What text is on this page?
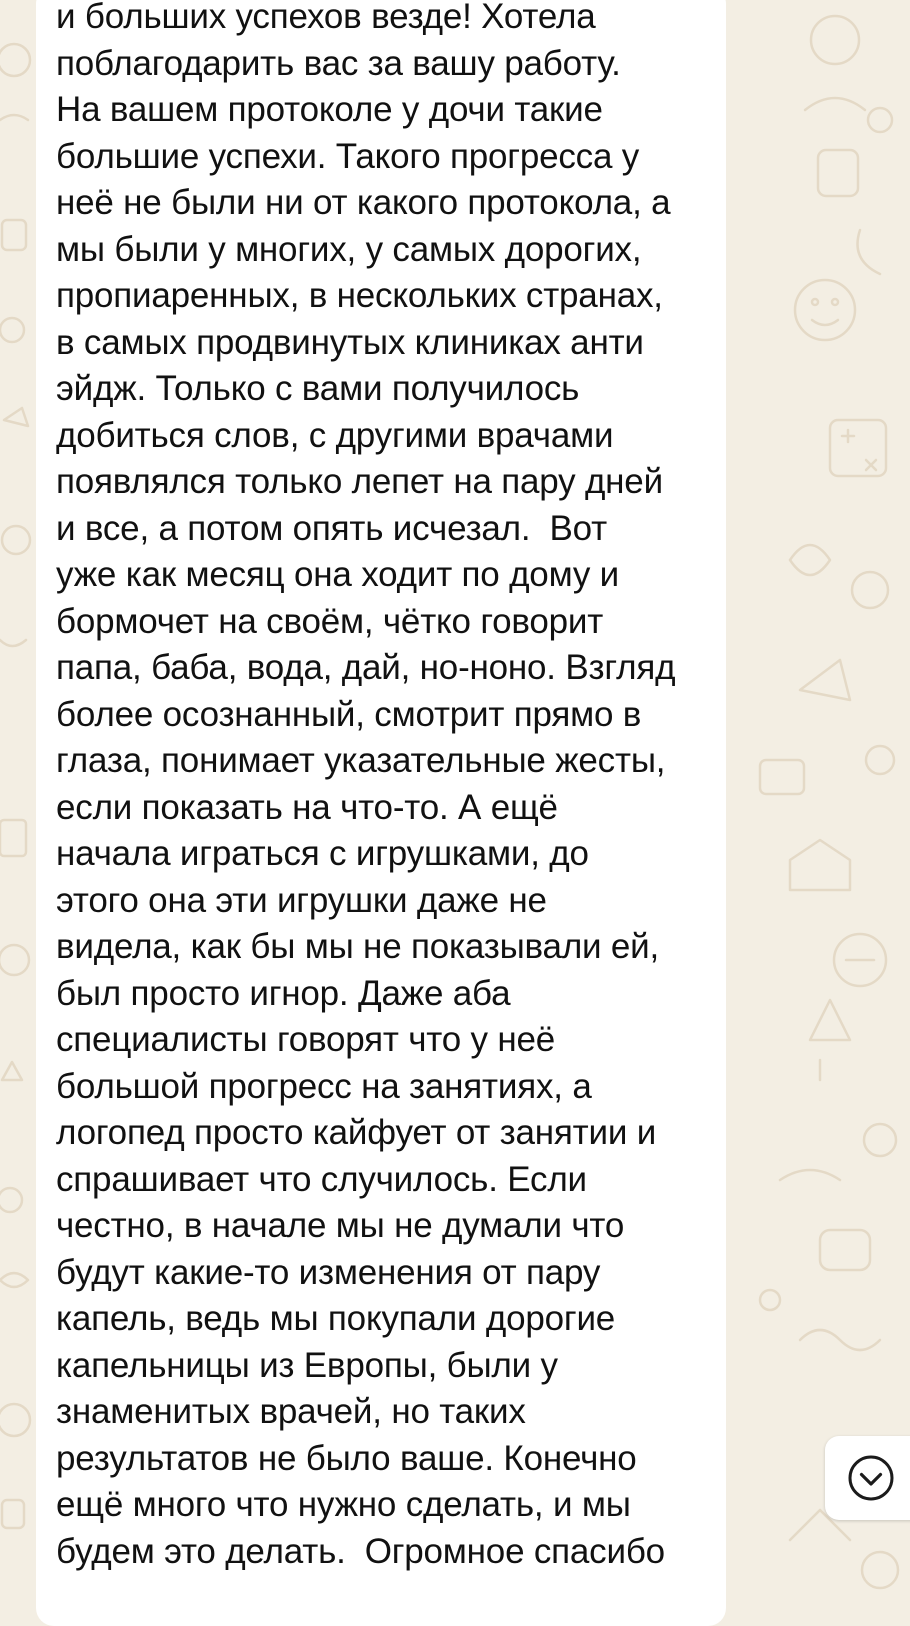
и больших успехов везде! Хотела
поблагодарить вас за вашу работу.
На вашем протоколе у дочи такие
большие успехи. Такого прогресса у
неё не были ни от какого протокола, а
мы были у многих, у самых дорогих,
пропиаренных, в нескольких странах,
в самых продвинутых клиниках анти
эйдж. Только с вами получилось
добиться слов, с другими врачами
появлялся только лепет на пару дней
и все, а потом опять исчезал.  Вот
уже как месяц она ходит по дому и
бормочет на своём, чётко говорит
папа, баба, вода, дай, но-ноно. Взгляд
более осознанный, смотрит прямо в
глаза, понимает указательные жесты,
если показать на что-то. А ещё
начала играться с игрушками, до
этого она эти игрушки даже не
видела, как бы мы не показывали ей,
был просто игнор. Даже аба
специалисты говорят что у неё
большой прогресс на занятиях, а
логопед просто кайфует от занятии и
спрашивает что случилось. Если
честно, в начале мы не думали что
будут какие-то изменения от пару
капель, ведь мы покупали дорогие
капельницы из Европы, были у
знаменитых врачей, но таких
результатов не было ваше. Конечно
ещё много что нужно сделать, и мы
будем это делать.  Огромное спасибо
